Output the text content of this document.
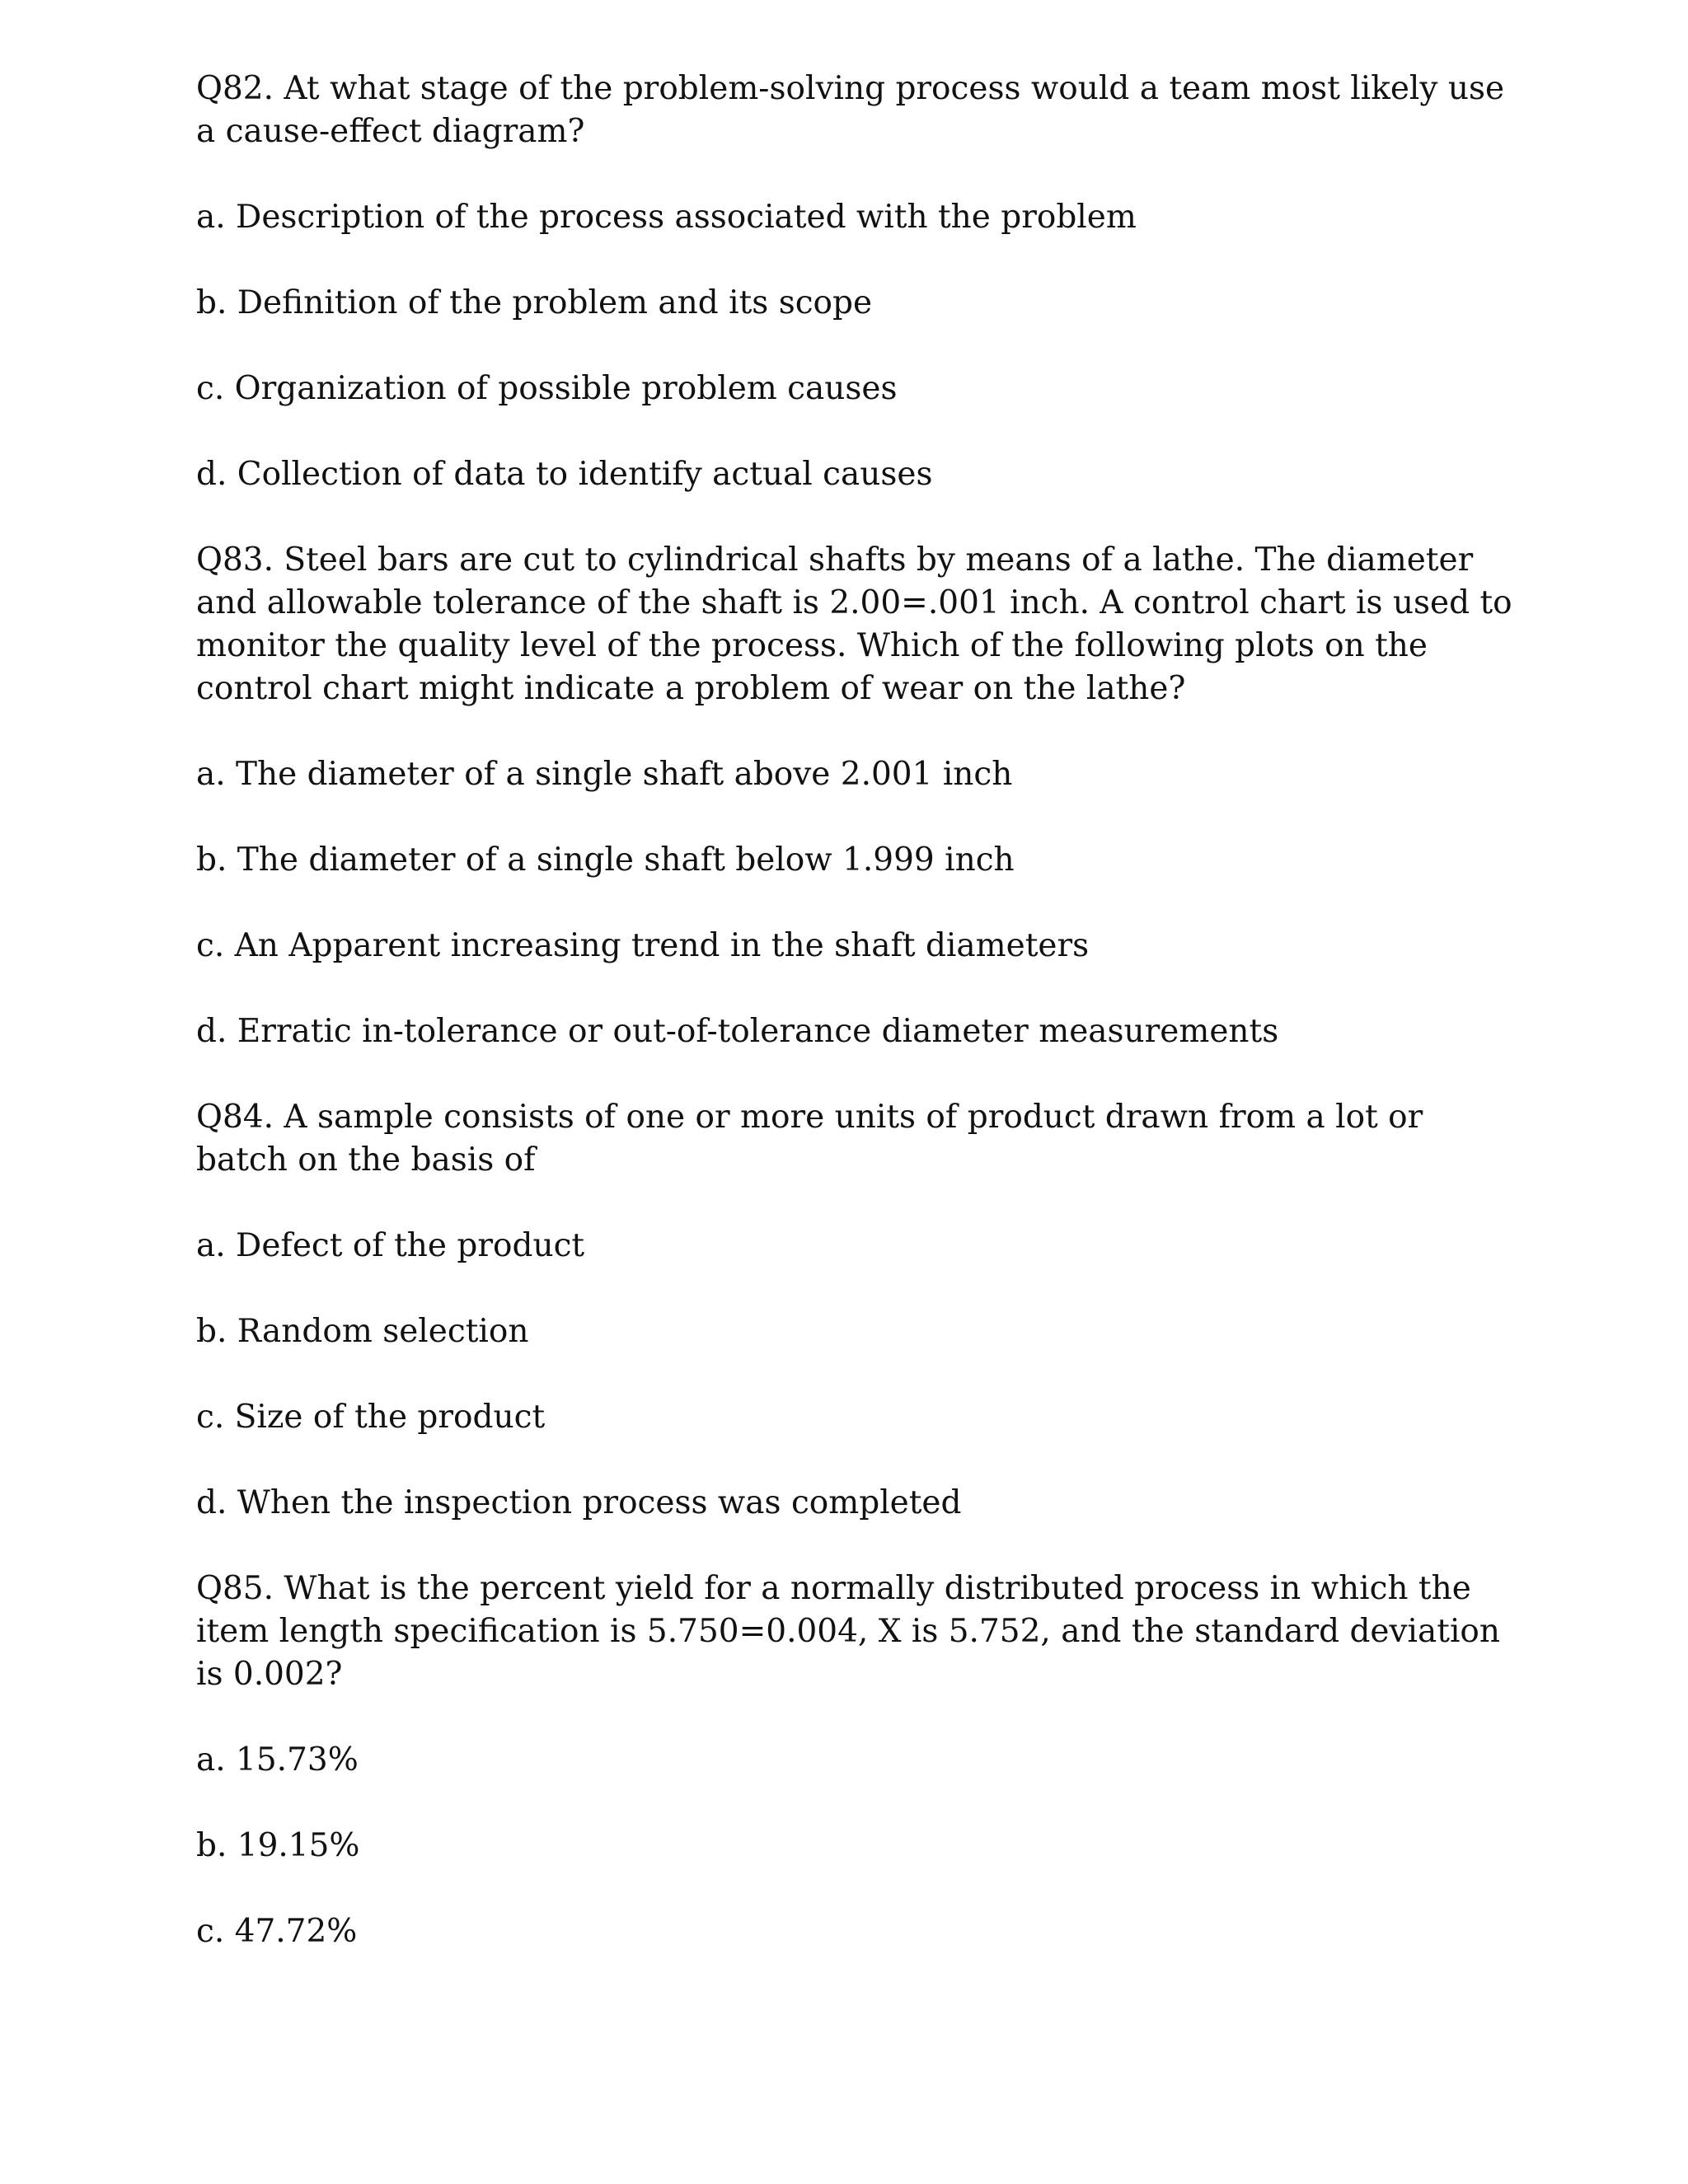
Q82. At what stage of the problem-solving process would a team most likely use a cause-effect diagram?
a. Description of the process associated with the problem
b. Definition of the problem and its scope
c. Organization of possible problem causes
d. Collection of data to identify actual causes
Q83. Steel bars are cut to cylindrical shafts by means of a lathe. The diameter and allowable tolerance of the shaft is 2.00=.001 inch. A control chart is used to monitor the quality level of the process. Which of the following plots on the control chart might indicate a problem of wear on the lathe?
a. The diameter of a single shaft above 2.001 inch
b. The diameter of a single shaft below 1.999 inch
c. An Apparent increasing trend in the shaft diameters
d. Erratic in-tolerance or out-of-tolerance diameter measurements
Q84. A sample consists of one or more units of product drawn from a lot or batch on the basis of
a. Defect of the product
b. Random selection
c. Size of the product
d. When the inspection process was completed
Q85. What is the percent yield for a normally distributed process in which the item length specification is 5.750=0.004, X is 5.752, and the standard deviation is 0.002?
a. 15.73%
b. 19.15%
c. 47.72%
